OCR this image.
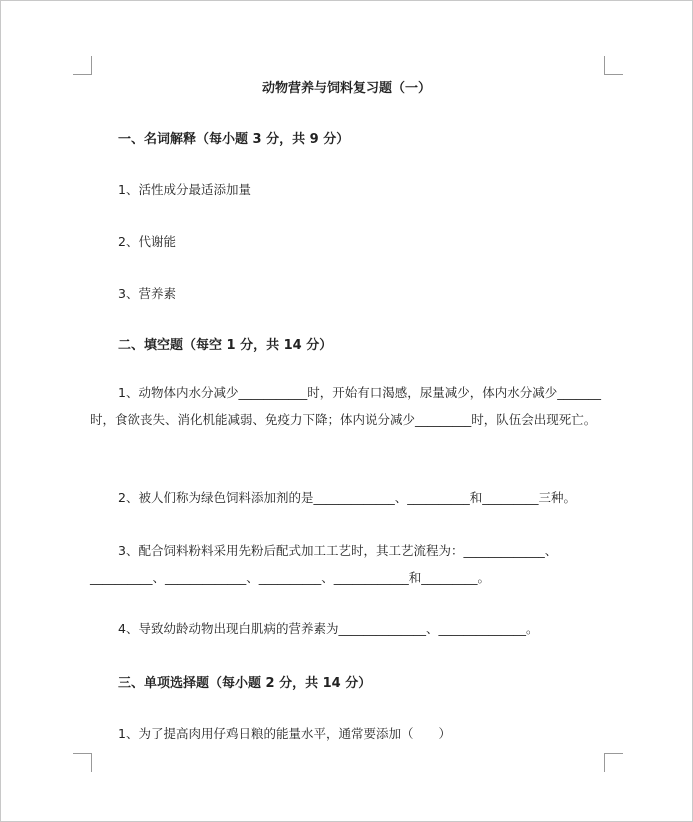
动物营养与饲料复习题（一）
一、名词解释（每小题 3 分，共 9 分）
1、活性成分最适添加量
2、代谢能
3、营养素
二、填空题（每空 1 分，共 14 分）
1、动物体内水分减少___________时，开始有口渴感，尿量减少，体内水分减少_______时，食欲丧失、消化机能减弱、免疫力下降；体内说分减少_________时，队伍会出现死亡。
2、被人们称为绿色饲料添加剂的是_____________、__________和_________三种。
3、配合饲料粉料采用先粉后配式加工工艺时，其工艺流程为：_____________、__________、_____________、__________、____________和_________。
4、导致幼龄动物出现白肌病的营养素为______________、______________。
三、单项选择题（每小题 2 分，共 14 分）
1、为了提高肉用仔鸡日粮的能量水平，通常要添加（　　）
